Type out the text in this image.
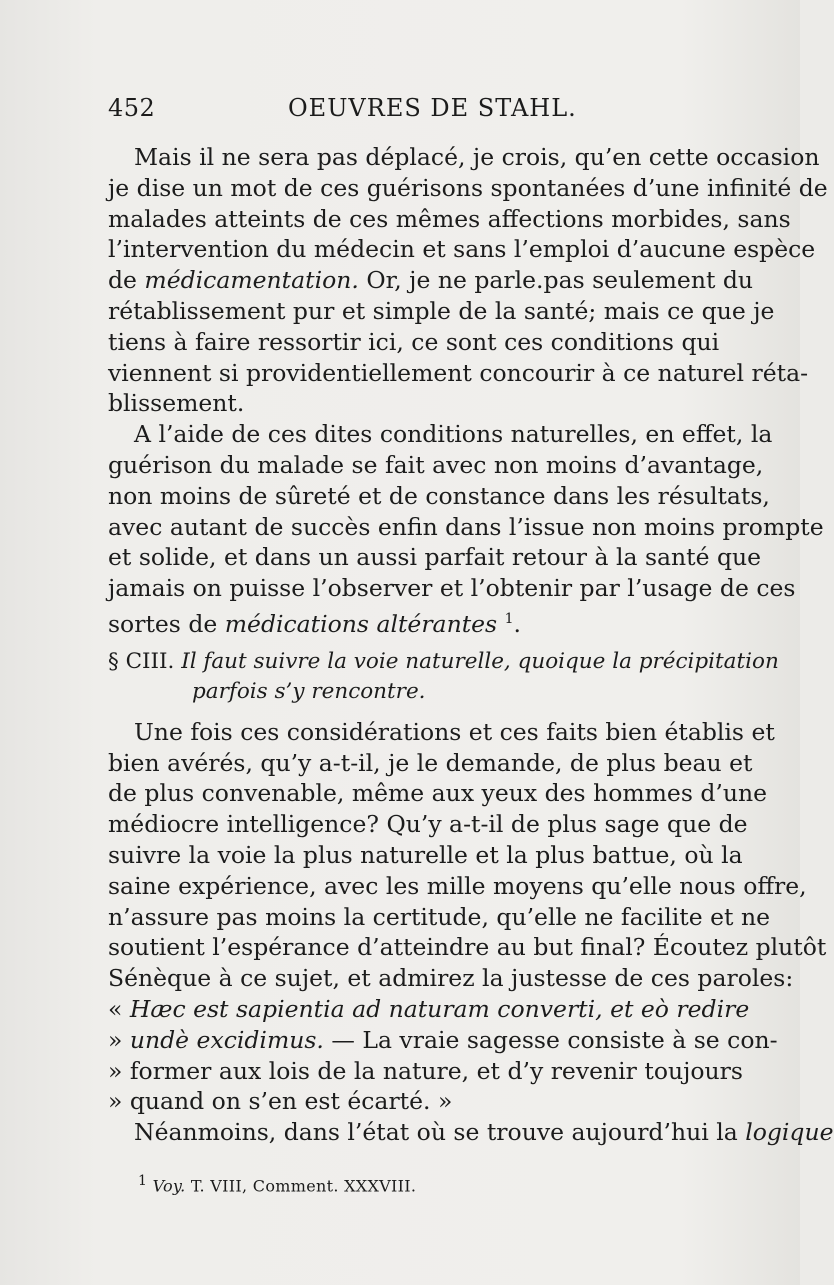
452	OEUVRES DE STAHL.
Mais il ne sera pas déplacé, je crois, qu’en cette occasion
je dise un mot de ces guérisons spontanées d’une infinité de
malades atteints de ces mêmes affections morbides, sans
l’intervention du médecin et sans l’emploi d’aucune espèce
de médicamentation. Or, je ne parle.pas seulement du
rétablissement pur et simple de la santé; mais ce que je
tiens à faire ressortir ici, ce sont ces conditions qui
viennent si providentiellement concourir à ce naturel réta-
blissement.
A l’aide de ces dites conditions naturelles, en effet, la
guérison du malade se fait avec non moins d’avantage,
non moins de sûreté et de constance dans les résultats,
avec autant de succès enfin dans l’issue non moins prompte
et solide, et dans un aussi parfait retour à la santé que
jamais on puisse l’observer et l’obtenir par l’usage de ces
sortes de médications altérantes $^1$.
§ CIII. Il faut suivre la voie naturelle, quoique la précipitation
parfois s’y rencontre.
Une fois ces considérations et ces faits bien établis et
bien avérés, qu’y a-t-il, je le demande, de plus beau et
de plus convenable, même aux yeux des hommes d’une
médiocre intelligence? Qu’y a-t-il de plus sage que de
suivre la voie la plus naturelle et la plus battue, où la
saine expérience, avec les mille moyens qu’elle nous offre,
n’assure pas moins la certitude, qu’elle ne facilite et ne
soutient l’espérance d’atteindre au but final? Écoutez plutôt
Sénèque à ce sujet, et admirez la justesse de ces paroles:
« Hæc est sapientia ad naturam converti, et eò redire
» undè excidimus. — La vraie sagesse consiste à se con-
» former aux lois de la nature, et d’y revenir toujours
» quand on s’en est écarté. »
Néanmoins, dans l’état où se trouve aujourd’hui la logique
1 Voy. T. VIII, Comment. XXXVIII.
